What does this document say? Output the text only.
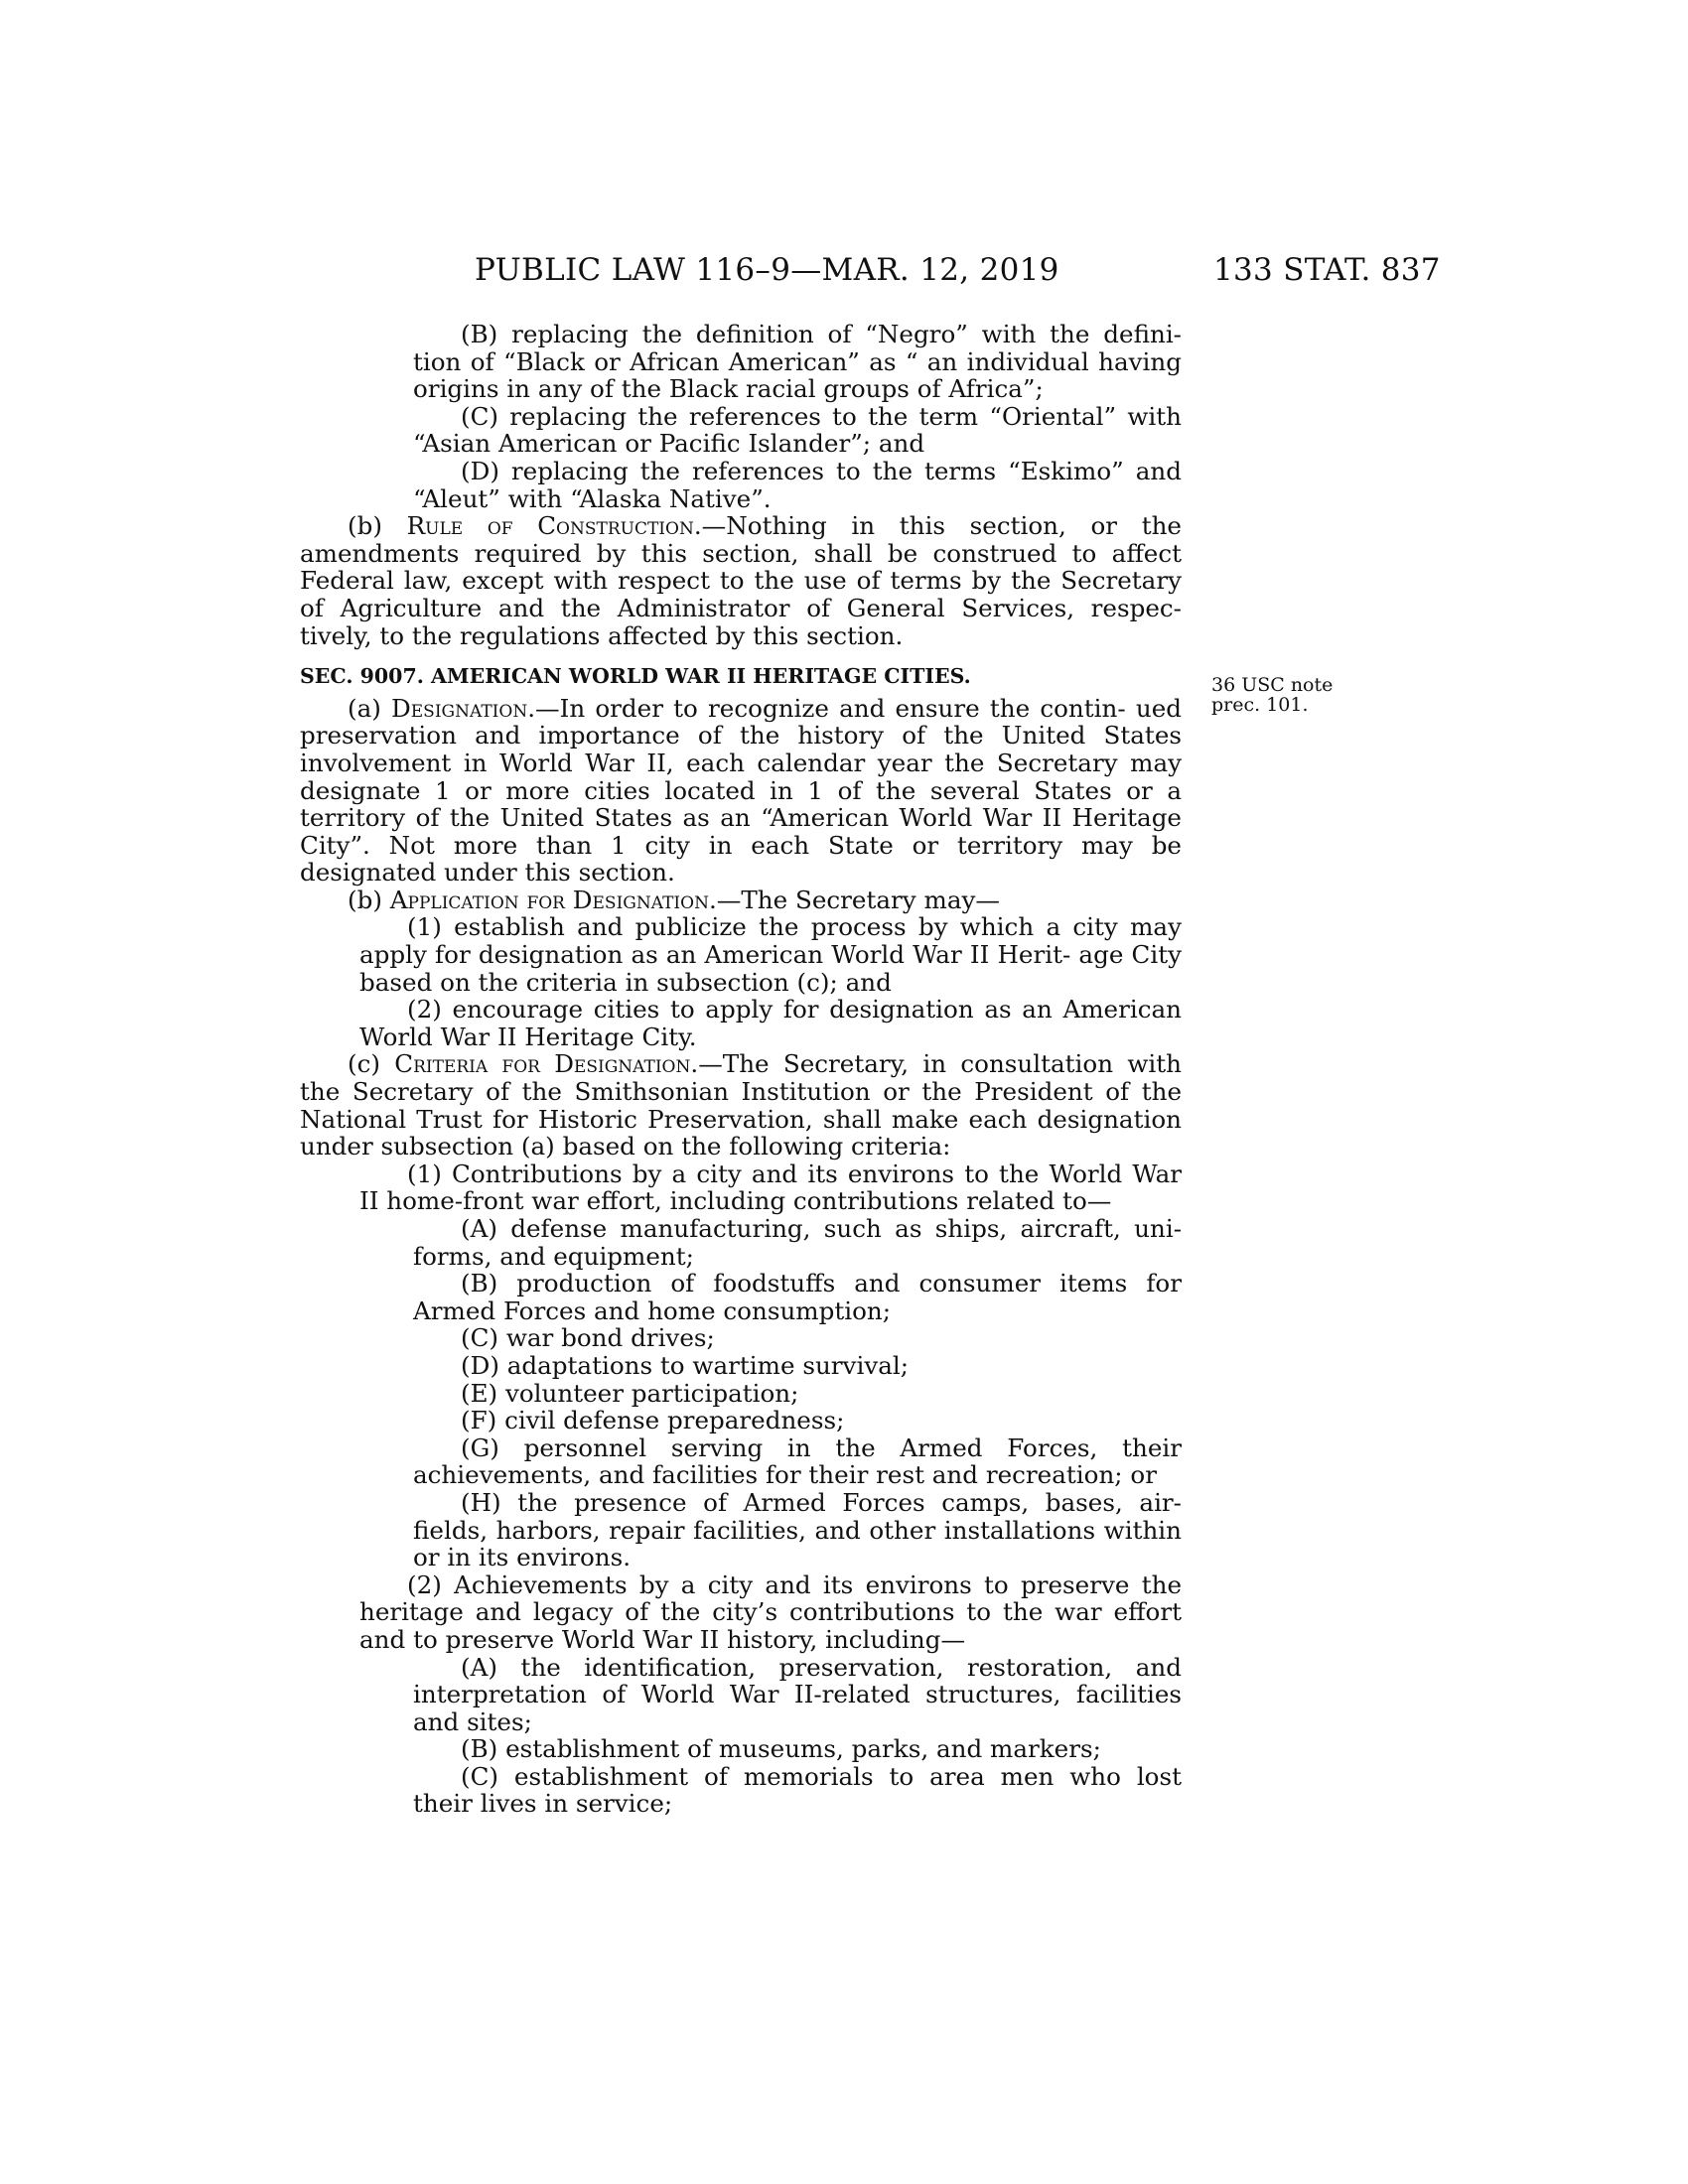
PUBLIC LAW 116–9—MAR. 12, 2019	133 STAT. 837
36 USC note
prec. 101.

(B) replacing the definition of “Negro” with the defini- tion of “Black or African American” as “ an individual having origins in any of the Black racial groups of Africa”;

(C) replacing the references to the term “Oriental” with “Asian American or Pacific Islander”; and

(D) replacing the references to the terms “Eskimo” and “Aleut” with “Alaska Native”.

(b) Rule of Construction.—Nothing in this section, or the amendments required by this section, shall be construed to affect Federal law, except with respect to the use of terms by the Secretary of Agriculture and the Administrator of General Services, respec- tively, to the regulations affected by this section.

SEC. 9007. AMERICAN WORLD WAR II HERITAGE CITIES.

(a) Designation.—In order to recognize and ensure the contin- ued preservation and importance of the history of the United States involvement in World War II, each calendar year the Secretary may designate 1 or more cities located in 1 of the several States or a territory of the United States as an “American World War II Heritage City”. Not more than 1 city in each State or territory may be designated under this section.

(b) Application for Designation.—The Secretary may—

(1) establish and publicize the process by which a city may apply for designation as an American World War II Herit- age City based on the criteria in subsection (c); and

(2) encourage cities to apply for designation as an American World War II Heritage City.

(c) Criteria for Designation.—The Secretary, in consultation with the Secretary of the Smithsonian Institution or the President of the National Trust for Historic Preservation, shall make each designation under subsection (a) based on the following criteria:

(1) Contributions by a city and its environs to the World War II home-front war effort, including contributions related to—

(A) defense manufacturing, such as ships, aircraft, uni- forms, and equipment;

(B) production of foodstuffs and consumer items for Armed Forces and home consumption;

(C) war bond drives;

(D) adaptations to wartime survival;

(E) volunteer participation;

(F) civil defense preparedness;

(G) personnel serving in the Armed Forces, their achievements, and facilities for their rest and recreation; or

(H) the presence of Armed Forces camps, bases, air- fields, harbors, repair facilities, and other installations within or in its environs.

(2) Achievements by a city and its environs to preserve the heritage and legacy of the city’s contributions to the war effort and to preserve World War II history, including—

(A) the identification, preservation, restoration, and interpretation of World War II-related structures, facilities and sites;

(B) establishment of museums, parks, and markers;

(C) establishment of memorials to area men who lost their lives in service;
